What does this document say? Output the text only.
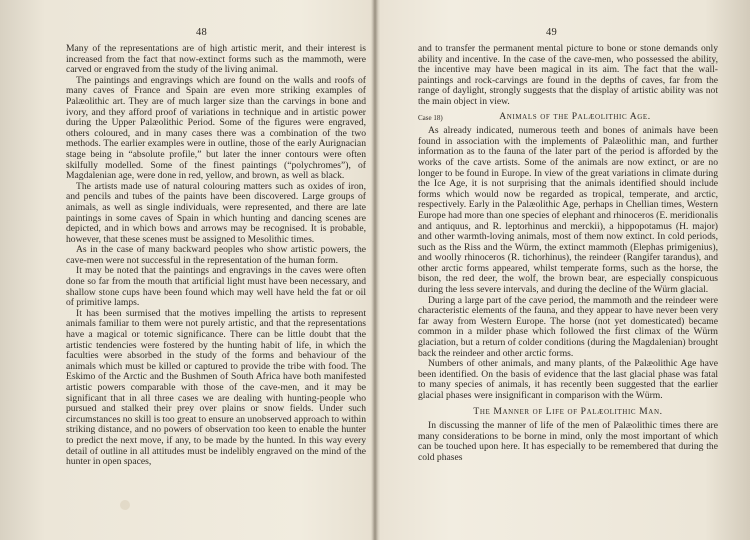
48

Many of the representations are of high artistic merit, and their interest is increased from the fact that now-extinct forms such as the mammoth, were carved or engraved from the study of the living animal.

The paintings and engravings which are found on the walls and roofs of many caves of France and Spain are even more striking examples of Palæolithic art. They are of much larger size than the carvings in bone and ivory, and they afford proof of variations in technique and in artistic power during the Upper Palæolithic Period. Some of the figures were engraved, others coloured, and in many cases there was a combination of the two methods. The earlier examples were in outline, those of the early Aurignacian stage being in “absolute profile,” but later the inner contours were often skilfully modelled. Some of the finest paintings (“polychromes”), of Magdalenian age, were done in red, yellow, and brown, as well as black.

The artists made use of natural colouring matters such as oxides of iron, and pencils and tubes of the paints have been discovered. Large groups of animals, as well as single individuals, were represented, and there are late paintings in some caves of Spain in which hunting and dancing scenes are depicted, and in which bows and arrows may be recognised. It is probable, however, that these scenes must be assigned to Mesolithic times.

As in the case of many backward peoples who show artistic powers, the cave-men were not successful in the representation of the human form.

It may be noted that the paintings and engravings in the caves were often done so far from the mouth that artificial light must have been necessary, and shallow stone cups have been found which may well have held the fat or oil of primitive lamps.

It has been surmised that the motives impelling the artists to represent animals familiar to them were not purely artistic, and that the representations have a magical or totemic significance. There can be little doubt that the artistic tendencies were fostered by the hunting habit of life, in which the faculties were absorbed in the study of the forms and behaviour of the animals which must be killed or captured to provide the tribe with food. The Eskimo of the Arctic and the Bushmen of South Africa have both manifested artistic powers comparable with those of the cave-men, and it may be significant that in all three cases we are dealing with hunting-people who pursued and stalked their prey over plains or snow fields. Under such circumstances no skill is too great to ensure an unobserved approach to within striking distance, and no powers of observation too keen to enable the hunter to predict the next move, if any, to be made by the hunted. In this way every detail of outline in all attitudes must be indelibly engraved on the mind of the hunter in open spaces,

49

and to transfer the permanent mental picture to bone or stone demands only ability and incentive. In the case of the cave-men, who possessed the ability, the incentive may have been magical in its aim. The fact that the wall-paintings and rock-carvings are found in the depths of caves, far from the range of daylight, strongly suggests that the display of artistic ability was not the main object in view.

Case 18)	Animals of the Palæolithic Age.

As already indicated, numerous teeth and bones of animals have been found in association with the implements of Palæolithic man, and further information as to the fauna of the later part of the period is afforded by the works of the cave artists. Some of the animals are now extinct, or are no longer to be found in Europe. In view of the great variations in climate during the Ice Age, it is not surprising that the animals identified should include forms which would now be regarded as tropical, temperate, and arctic, respectively. Early in the Palæolithic Age, perhaps in Chellian times, Western Europe had more than one species of elephant and rhinoceros (E. meridionalis and antiquus, and R. leptorhinus and merckii), a hippopotamus (H. major) and other warmth-loving animals, most of them now extinct. In cold periods, such as the Riss and the Würm, the extinct mammoth (Elephas primigenius), and woolly rhinoceros (R. tichorhinus), the reindeer (Rangifer tarandus), and other arctic forms appeared, whilst temperate forms, such as the horse, the bison, the red deer, the wolf, the brown bear, are especially conspicuous during the less severe intervals, and during the decline of the Würm glacial.

During a large part of the cave period, the mammoth and the reindeer were characteristic elements of the fauna, and they appear to have never been very far away from Western Europe. The horse (not yet domesticated) became common in a milder phase which followed the first climax of the Würm glaciation, but a return of colder conditions (during the Magdalenian) brought back the reindeer and other arctic forms.

Numbers of other animals, and many plants, of the Palæolithic Age have been identified. On the basis of evidence that the last glacial phase was fatal to many species of animals, it has recently been suggested that the earlier glacial phases were insignificant in comparison with the Würm.

The Manner of Life of Palæolithic Man.

In discussing the manner of life of the men of Palæolithic times there are many considerations to be borne in mind, only the most important of which can be touched upon here. It has especially to be remembered that during the cold phases
